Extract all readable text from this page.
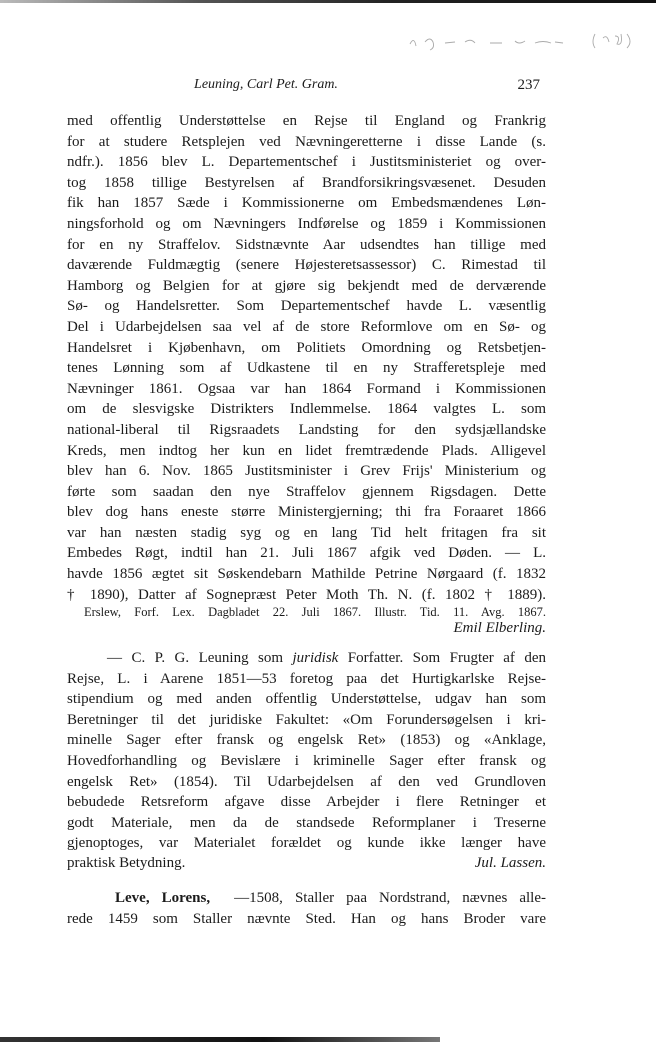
Leuning, Carl Pet. Gram.	237
med offentlig Understøttelse en Rejse til England og Frankrig
for at studere Retsplejen ved Nævningeretterne i disse Lande (s.
ndfr.). 1856 blev L. Departementschef i Justitsministeriet og over-
tog 1858 tillige Bestyrelsen af Brandforsikringsvæsenet. Desuden
fik han 1857 Sæde i Kommissionerne om Embedsmændenes Løn-
ningsforhold og om Nævningers Indførelse og 1859 i Kommissionen
for en ny Straffelov. Sidstnævnte Aar udsendtes han tillige med
daværende Fuldmægtig (senere Højesteretsassessor) C. Rimestad til
Hamborg og Belgien for at gjøre sig bekjendt med de derværende
Sø- og Handelsretter. Som Departementschef havde L. væsentlig
Del i Udarbejdelsen saa vel af de store Reformlove om en Sø- og
Handelsret i Kjøbenhavn, om Politiets Omordning og Retsbetjen-
tenes Lønning som af Udkastene til en ny Strafferetspleje med
Nævninger 1861. Ogsaa var han 1864 Formand i Kommissionen
om de slesvigske Distrikters Indlemmelse. 1864 valgtes L. som
national-liberal til Rigsraadets Landsting for den sydsjællandske
Kreds, men indtog her kun en lidet fremtrædende Plads. Alligevel
blev han 6. Nov. 1865 Justitsminister i Grev Frijs' Ministerium og
førte som saadan den nye Straffelov gjennem Rigsdagen. Dette
blev dog hans eneste større Ministergjerning; thi fra Foraaret 1866
var han næsten stadig syg og en lang Tid helt fritagen fra sit
Embedes Røgt, indtil han 21. Juli 1867 afgik ved Døden. — L.
havde 1856 ægtet sit Søskendebarn Mathilde Petrine Nørgaard (f. 1832
† 1890), Datter af Sognepræst Peter Moth Th. N. (f. 1802 † 1889).
Erslew, Forf. Lex. Dagbladet 22. Juli 1867. Illustr. Tid. 11. Avg. 1867.
Emil Elberling.
— C. P. G. Leuning som juridisk Forfatter. Som Frugter af den
Rejse, L. i Aarene 1851—53 foretog paa det Hurtigkarlske Rejse-
stipendium og med anden offentlig Understøttelse, udgav han som
Beretninger til det juridiske Fakultet: «Om Forundersøgelsen i kri-
minelle Sager efter fransk og engelsk Ret» (1853) og «Anklage,
Hovedforhandling og Bevislære i kriminelle Sager efter fransk og
engelsk Ret» (1854). Til Udarbejdelsen af den ved Grundloven
bebudede Retsreform afgave disse Arbejder i flere Retninger et
godt Materiale, men da de standsede Reformplaner i Treserne
gjenoptoges, var Materialet forældet og kunde ikke længer have
praktisk Betydning.	Jul. Lassen.
Leve, Lorens,  —1508, Staller paa Nordstrand, nævnes alle-
rede 1459 som Staller nævnte Sted. Han og hans Broder vare
